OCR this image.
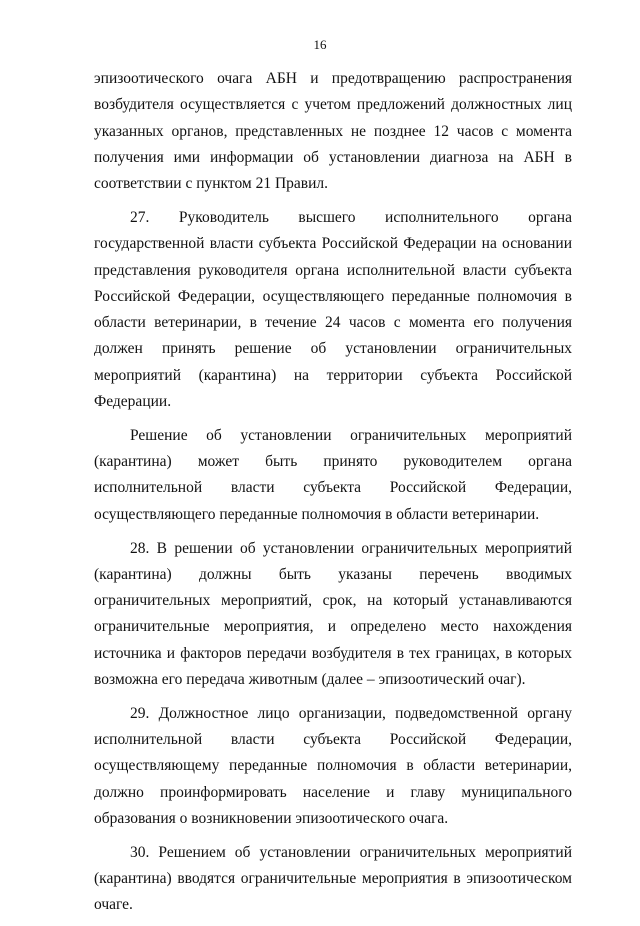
16

эпизоотического очага АБН и предотвращению распространения возбудителя осуществляется с учетом предложений должностных лиц указанных органов, представленных не позднее 12 часов с момента получения ими информации об установлении диагноза на АБН в соответствии с пунктом 21 Правил.

27. Руководитель высшего исполнительного органа государственной власти субъекта Российской Федерации на основании представления руководителя органа исполнительной власти субъекта Российской Федерации, осуществляющего переданные полномочия в области ветеринарии, в течение 24 часов с момента его получения должен принять решение об установлении ограничительных мероприятий (карантина) на территории субъекта Российской Федерации.

Решение об установлении ограничительных мероприятий (карантина) может быть принято руководителем органа исполнительной власти субъекта Российской Федерации, осуществляющего переданные полномочия в области ветеринарии.

28. В решении об установлении ограничительных мероприятий (карантина) должны быть указаны перечень вводимых ограничительных мероприятий, срок, на который устанавливаются ограничительные мероприятия, и определено место нахождения источника и факторов передачи возбудителя в тех границах, в которых возможна его передача животным (далее – эпизоотический очаг).

29. Должностное лицо организации, подведомственной органу исполнительной власти субъекта Российской Федерации, осуществляющему переданные полномочия в области ветеринарии, должно проинформировать население и главу муниципального образования о возникновении эпизоотического очага.

30. Решением об установлении ограничительных мероприятий (карантина) вводятся ограничительные мероприятия в эпизоотическом очаге.
